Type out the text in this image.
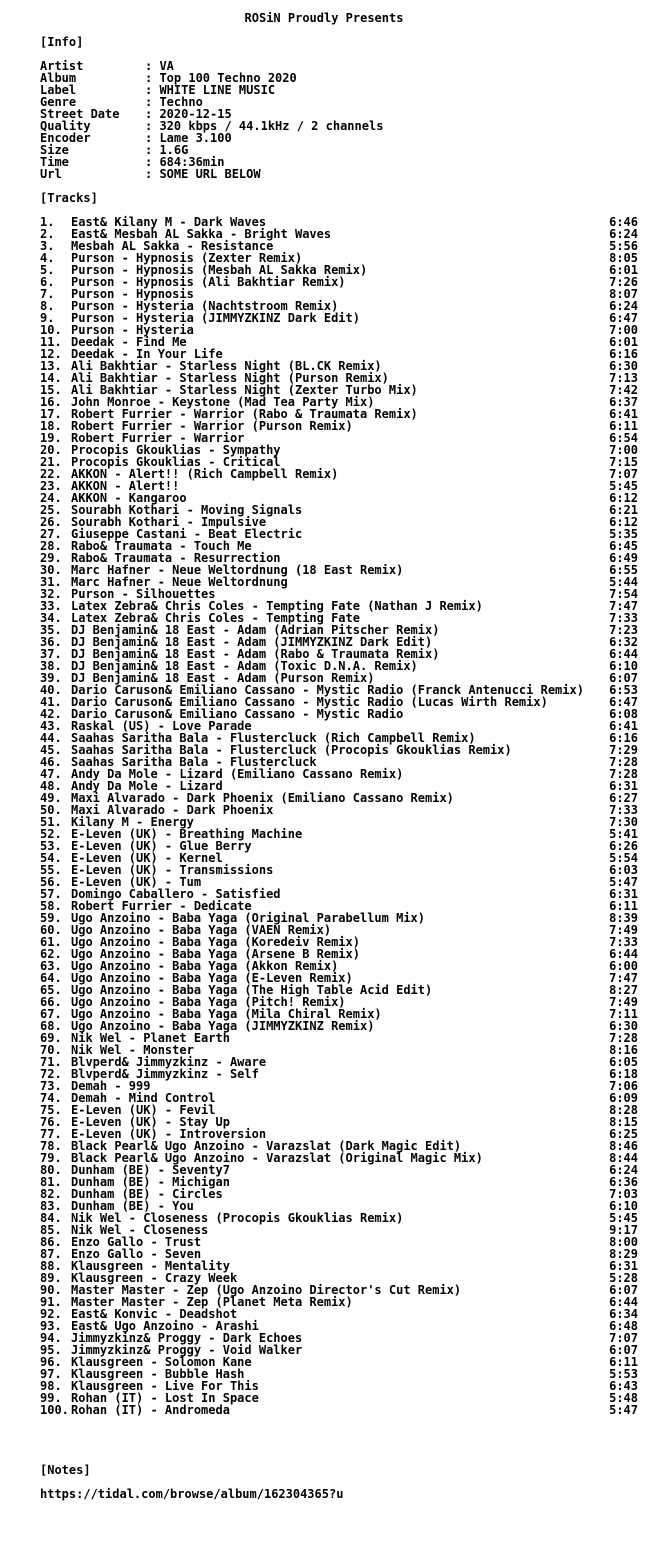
ROSiN Proudly Presents
[Info]
Artist	: VA
Album	: Top 100 Techno 2020
Label	: WHITE LINE MUSIC
Genre	: Techno
Street Date : 2020-12-15
Quality	: 320 kbps / 44.1kHz / 2 channels
Encoder	: Lame 3.100
Size	: 1.6G
Time	: 684:36min
Url	: SOME URL BELOW
[Tracks]
1. East& Kilany M - Dark Waves	6:46
2. East& Mesbah AL Sakka - Bright Waves	6:24
3. Mesbah AL Sakka - Resistance	5:56
4. Purson - Hypnosis (Zexter Remix)	8:05
5. Purson - Hypnosis (Mesbah AL Sakka Remix)	6:01
6. Purson - Hypnosis (Ali Bakhtiar Remix)	7:26
7. Purson - Hypnosis	8:07
8. Purson - Hysteria (Nachtstroom Remix)	6:24
9. Purson - Hysteria (JIMMYZKINZ Dark Edit)	6:47
10. Purson - Hysteria	7:00
11. Deedak - Find Me	6:01
12. Deedak - In Your Life	6:16
13. Ali Bakhtiar - Starless Night (BL.CK Remix)	6:30
14. Ali Bakhtiar - Starless Night (Purson Remix)	7:13
15. Ali Bakhtiar - Starless Night (Zexter Turbo Mix)	7:42
16. John Monroe - Keystone (Mad Tea Party Mix)	6:37
17. Robert Furrier - Warrior (Rabo & Traumata Remix)	6:41
18. Robert Furrier - Warrior (Purson Remix)	6:11
19. Robert Furrier - Warrior	6:54
20. Procopis Gkouklias - Sympathy	7:00
21. Procopis Gkouklias - Critical	7:15
22. AKKON - Alert!! (Rich Campbell Remix)	7:07
23. AKKON - Alert!!	5:45
24. AKKON - Kangaroo	6:12
25. Sourabh Kothari - Moving Signals	6:21
26. Sourabh Kothari - Impulsive	6:12
27. Giuseppe Castani - Beat Electric	5:35
28. Rabo& Traumata - Touch Me	6:45
29. Rabo& Traumata - Resurrection	6:49
30. Marc Hafner - Neue Weltordnung (18 East Remix)	6:55
31. Marc Hafner - Neue Weltordnung	5:44
32. Purson - Silhouettes	7:54
33. Latex Zebra& Chris Coles - Tempting Fate (Nathan J Remix)	7:47
34. Latex Zebra& Chris Coles - Tempting Fate	7:33
35. DJ Benjamin& 18 East - Adam (Adrian Pitscher Remix)	7:23
36. DJ Benjamin& 18 East - Adam (JIMMYZKINZ Dark Edit)	6:32
37. DJ Benjamin& 18 East - Adam (Rabo & Traumata Remix)	6:44
38. DJ Benjamin& 18 East - Adam (Toxic D.N.A. Remix)	6:10
39. DJ Benjamin& 18 East - Adam (Purson Remix)	6:07
40. Dario Caruson& Emiliano Cassano - Mystic Radio (Franck Antenucci Remix)	6:53
41. Dario Caruson& Emiliano Cassano - Mystic Radio (Lucas Wirth Remix)	6:47
42. Dario Caruson& Emiliano Cassano - Mystic Radio	6:08
43. Raskal (US) - Love Parade	6:41
44. Saahas Saritha Bala - Flustercluck (Rich Campbell Remix)	6:16
45. Saahas Saritha Bala - Flustercluck (Procopis Gkouklias Remix)	7:29
46. Saahas Saritha Bala - Flustercluck	7:28
47. Andy Da Mole - Lizard (Emiliano Cassano Remix)	7:28
48. Andy Da Mole - Lizard	6:31
49. Maxi Alvarado - Dark Phoenix (Emiliano Cassano Remix)	6:27
50. Maxi Alvarado - Dark Phoenix	7:33
51. Kilany M - Energy	7:30
52. E-Leven (UK) - Breathing Machine	5:41
53. E-Leven (UK) - Glue Berry	6:26
54. E-Leven (UK) - Kernel	5:54
55. E-Leven (UK) - Transmissions	6:03
56. E-Leven (UK) - Tum	5:47
57. Domingo Caballero - Satisfied	6:31
58. Robert Furrier - Dedicate	6:11
59. Ugo Anzoino - Baba Yaga (Original Parabellum Mix)	8:39
60. Ugo Anzoino - Baba Yaga (VAEN Remix)	7:49
61. Ugo Anzoino - Baba Yaga (Koredeiv Remix)	7:33
62. Ugo Anzoino - Baba Yaga (Arsene B Remix)	6:44
63. Ugo Anzoino - Baba Yaga (Akkon Remix)	6:00
64. Ugo Anzoino - Baba Yaga (E-Leven Remix)	7:47
65. Ugo Anzoino - Baba Yaga (The High Table Acid Edit)	8:27
66. Ugo Anzoino - Baba Yaga (Pitch! Remix)	7:49
67. Ugo Anzoino - Baba Yaga (Mila Chiral Remix)	7:11
68. Ugo Anzoino - Baba Yaga (JIMMYZKINZ Remix)	6:30
69. Nik Wel - Planet Earth	7:28
70. Nik Wel - Monster	8:16
71. Blvperd& Jimmyzkinz - Aware	6:05
72. Blvperd& Jimmyzkinz - Self	6:18
73. Demah - 999	7:06
74. Demah - Mind Control	6:09
75. E-Leven (UK) - Fevil	8:28
76. E-Leven (UK) - Stay Up	8:15
77. E-Leven (UK) - Introversion	6:25
78. Black Pearl& Ugo Anzoino - Varazslat (Dark Magic Edit)	8:46
79. Black Pearl& Ugo Anzoino - Varazslat (Original Magic Mix)	8:44
80. Dunham (BE) - Seventy7	6:24
81. Dunham (BE) - Michigan	6:36
82. Dunham (BE) - Circles	7:03
83. Dunham (BE) - You	6:10
84. Nik Wel - Closeness (Procopis Gkouklias Remix)	5:45
85. Nik Wel - Closeness	9:17
86. Enzo Gallo - Trust	8:00
87. Enzo Gallo - Seven	8:29
88. Klausgreen - Mentality	6:31
89. Klausgreen - Crazy Week	5:28
90. Master Master - Zep (Ugo Anzoino Director's Cut Remix)	6:07
91. Master Master - Zep (Planet Meta Remix)	6:44
92. East& Konvic - Deadshot	6:34
93. East& Ugo Anzoino - Arashi	6:48
94. Jimmyzkinz& Proggy - Dark Echoes	7:07
95. Jimmyzkinz& Proggy - Void Walker	6:07
96. Klausgreen - Solomon Kane	6:11
97. Klausgreen - Bubble Hash	5:53
98. Klausgreen - Live For This	6:43
99. Rohan (IT) - Lost In Space	5:48
100. Rohan (IT) - Andromeda	5:47
[Notes]
https://tidal.com/browse/album/162304365?u
